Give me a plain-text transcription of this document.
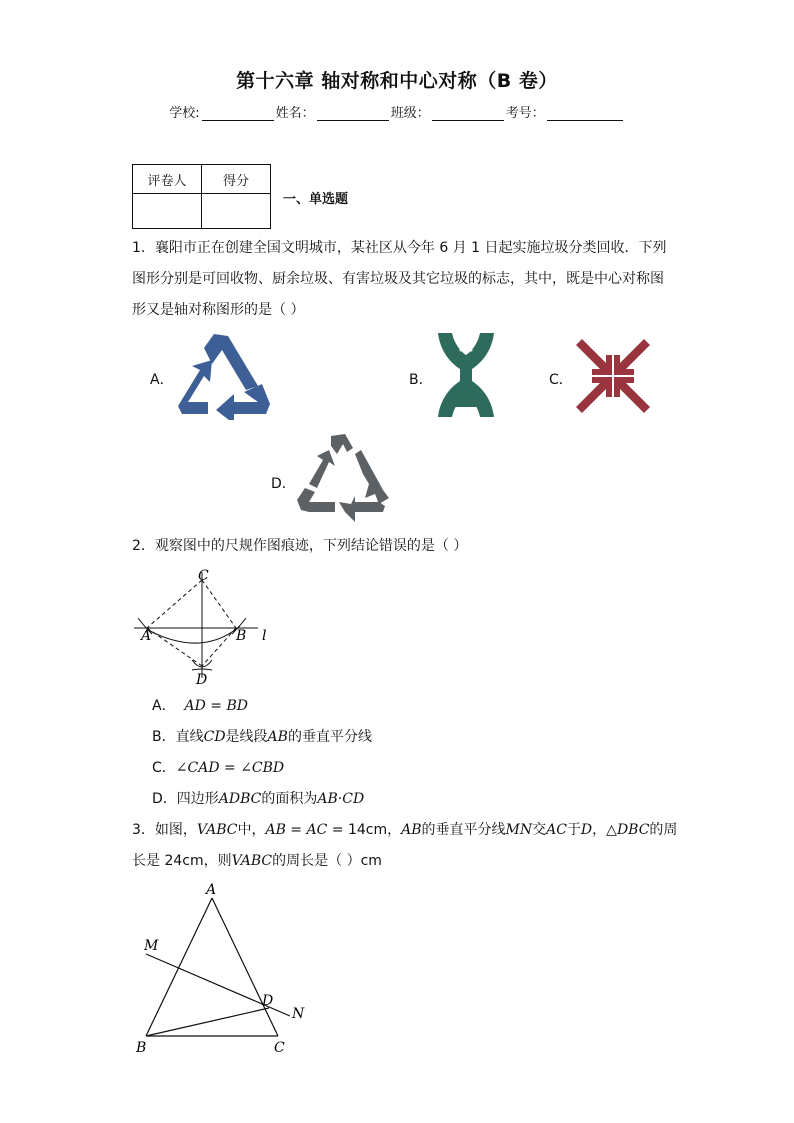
第十六章 轴对称和中心对称（B 卷）
学校:	姓名：	班级：	考号：
评卷人	得分

一、单选题
1．襄阳市正在创建全国文明城市，某社区从今年 6 月 1 日起实施垃圾分类回收．下列图形分别是可回收物、厨余垃圾、有害垃圾及其它垃圾的标志，其中，既是中心对称图形又是轴对称图形的是（ ）
A．	B．	C．
D．
2．观察图中的尺规作图痕迹，下列结论错误的是（ ）
C
A	B l
D
A． AD = BD
B．直线CD是线段AB的垂直平分线
C．∠CAD = ∠CBD
D．四边形ADBC的面积为AB·CD
3．如图，VABC中，AB = AC = 14cm，AB的垂直平分线MN交AC于D，△DBC的周
长是 24cm，则VABC的周长是（ ）cm
A
M
D
N
B	C
